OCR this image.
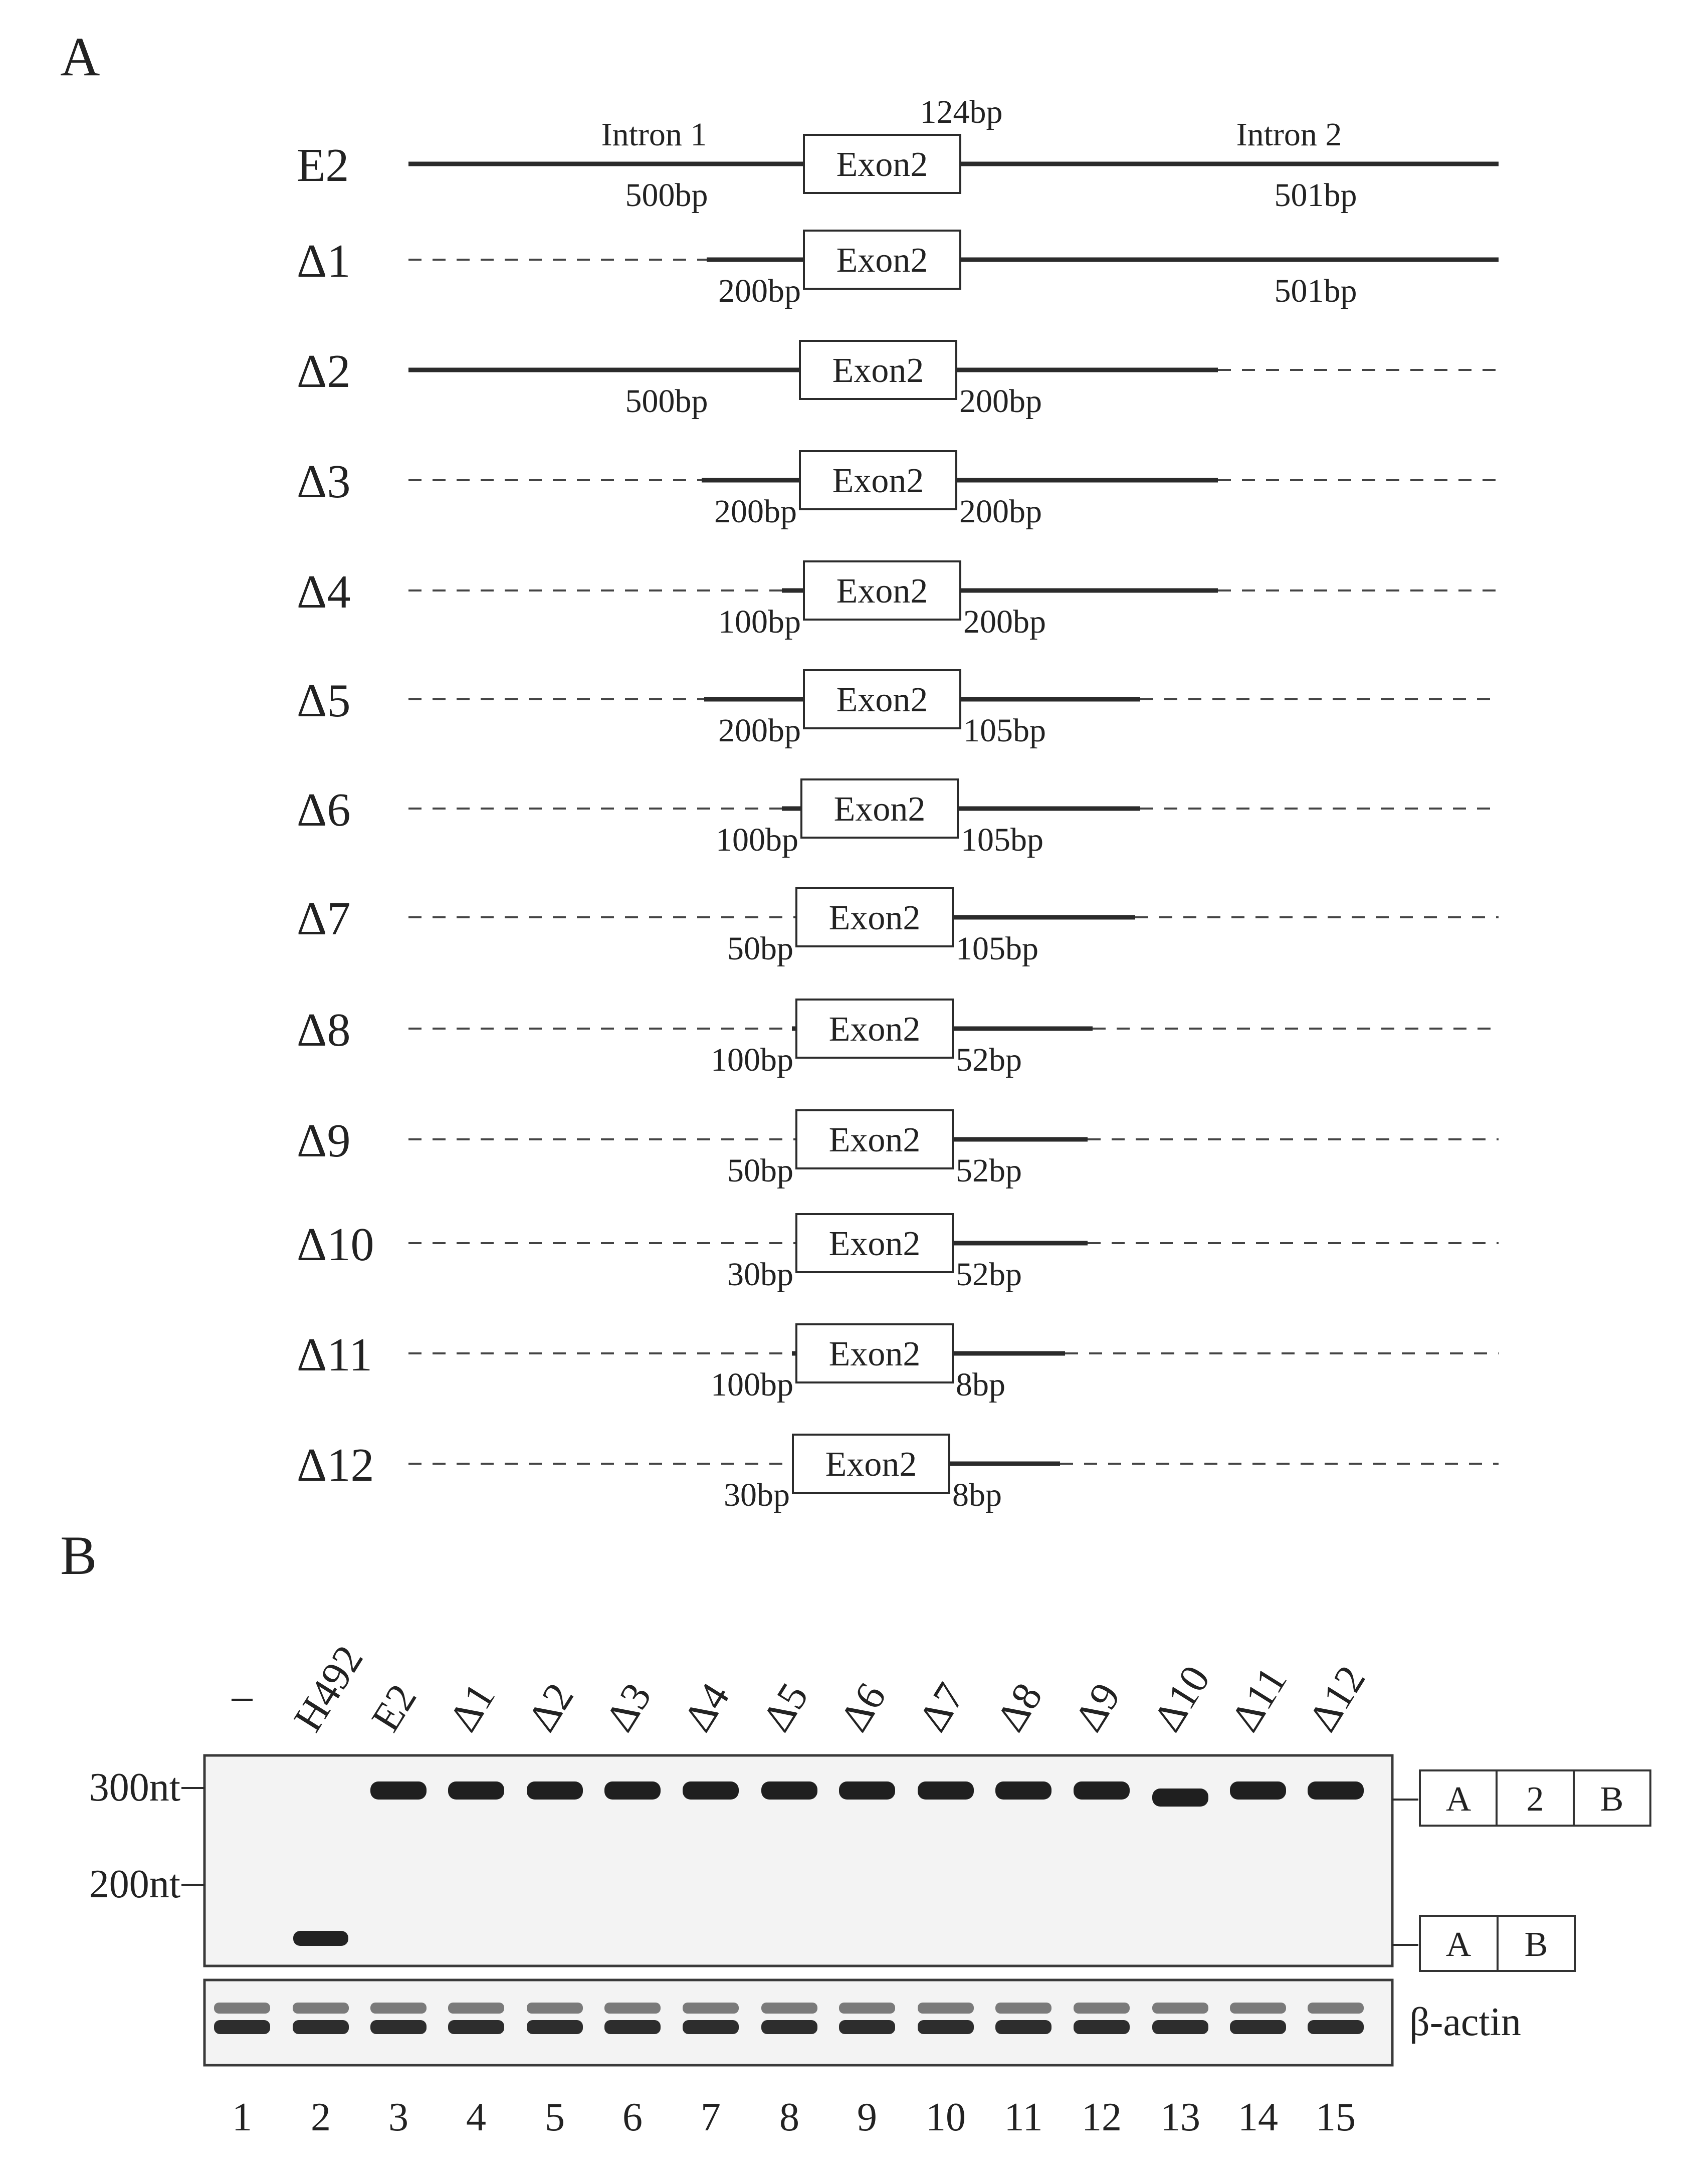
A
124bp
Intron 1	Intron 2
E2	Exon2
500bp	501bp
Δ1	Exon2
200bp	501bp
Δ2	Exon2
500bp	200bp
Δ3	Exon2
200bp	200bp
Δ4	Exon2
100bp	200bp
Δ5	Exon2
200bp	105bp
Δ6	Exon2
100bp	105bp
Δ7	Exon2
50bp	105bp
Δ8	Exon2
100bp	52bp
Δ9	Exon2
50bp	52bp
Δ10	Exon2
30bp	52bp
Δ11	Exon2
100bp	8bp
Δ12	Exon2
30bp	8bp
B
– H492
E2 Δ1 Δ2 Δ3 Δ4 Δ5 Δ6 Δ7 Δ8 Δ9 Δ10 Δ11 Δ12
300nt
200nt
A 2 B
A B
β-actin
1 2 3 4 5 6 7 8 9 10 11 12 13 14 15
